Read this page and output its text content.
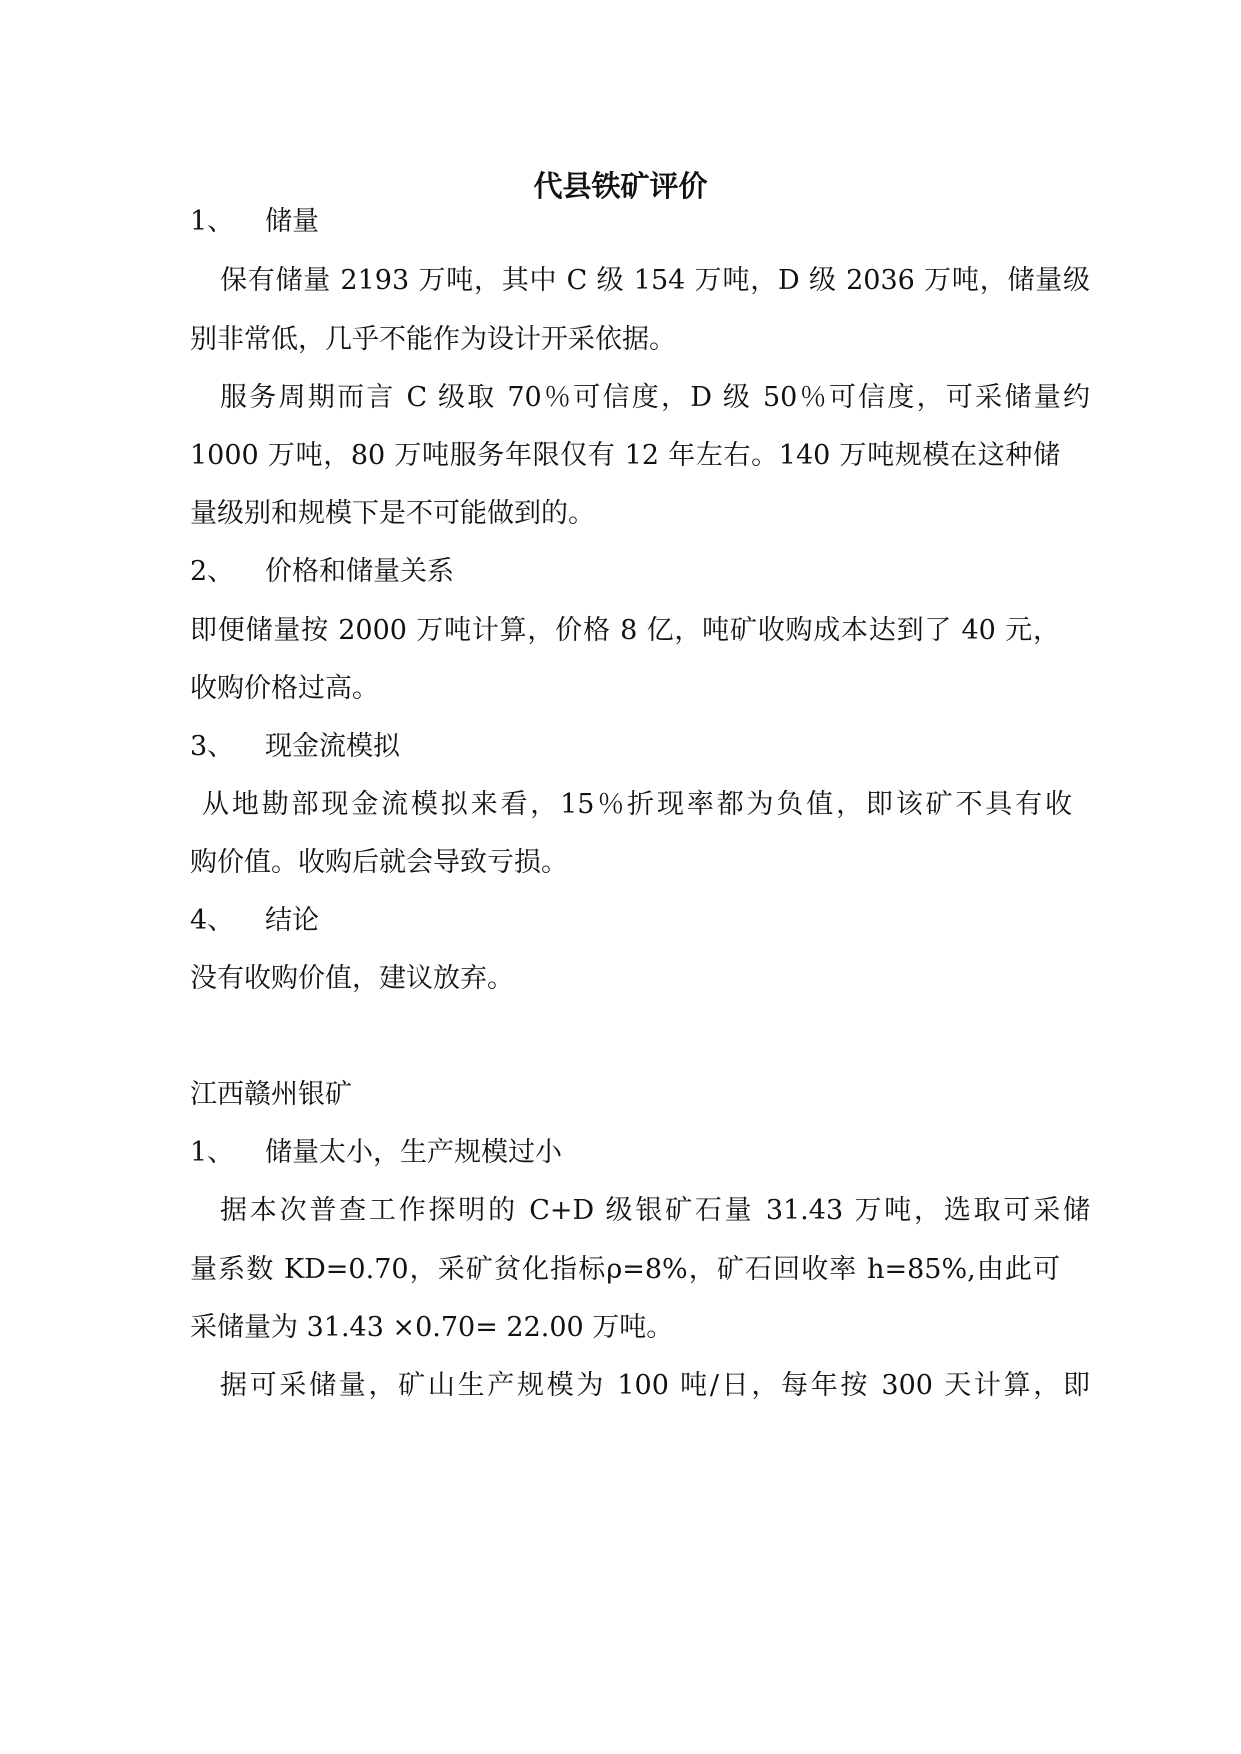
代县铁矿评价
1、 储量
保有储量 2193 万吨，其中 C 级 154 万吨，D 级 2036 万吨，储量级
别非常低，几乎不能作为设计开采依据。
服务周期而言 C 级取 70％可信度，D 级 50％可信度，可采储量约
1000 万吨，80 万吨服务年限仅有 12 年左右。140 万吨规模在这种储
量级别和规模下是不可能做到的。
2、 价格和储量关系
即便储量按 2000 万吨计算，价格 8 亿，吨矿收购成本达到了 40 元，
收购价格过高。
3、 现金流模拟
从地勘部现金流模拟来看，15％折现率都为负值，即该矿不具有收
购价值。收购后就会导致亏损。
4、 结论
没有收购价值，建议放弃。
江西赣州银矿
1、 储量太小，生产规模过小
据本次普查工作探明的 C+D 级银矿石量 31.43 万吨，选取可采储
量系数 KD=0.70，采矿贫化指标ρ=8%，矿石回收率 h=85%,由此可
采储量为 31.43 ×0.70= 22.00 万吨。
据可采储量，矿山生产规模为 100 吨/日，每年按 300 天计算，即
